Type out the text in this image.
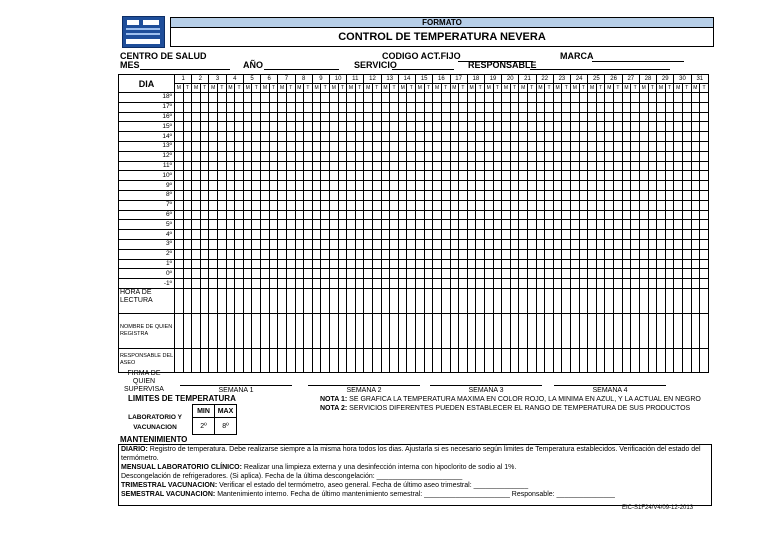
FORMATO
CONTROL DE TEMPERATURA NEVERA
CENTRO DE SALUD	CODIGO ACT.FIJO	MARCA
MES	AÑO	SERVICIO	RESPONSABLE
DIA	1		2		3		4		5		6		7		8		9		10		11		12		13		14		15		16		17		18		19		20		21		22		23		24		25		26		27		28		29		30		31	
	M	T	M	T	M	T	M	T	M	T	M	T	M	T	M	T	M	T	M	T	M	T	M	T	M	T	M	T	M	T	M	T	M	T	M	T	M	T	M	T	M	T	M	T	M	T	M	T	M	T	M	T	M	T	M	T	M	T	M	T	M	T
18º																																																														
17º																																																														
16º																																																														
15º																																																														
14º																																																														
13º																																																														
12º																																																														
11º																																																														
10º																																																														
9º																																																														
8º																																																														
7º																																																														
6º																																																														
5º																																																														
4º																																																														
3º																																																														
2º																																																														
1º																																																														
0º																																																														
-1º																																																														
HORA DE LECTURA																																																														
NOMBRE DE QUIEN REGISTRA																																																														
RESPONSABLE DEL ASEO																																																														
FIRMA DE QUIEN SUPERVISA	SEMANA 1	SEMANA 2	SEMANA 3	SEMANA 4
LIMITES DE TEMPERATURA
LABORATORIO Y VACUNACION
MIN	MAX
2º	8º
NOTA 1: SE GRAFICA LA TEMPERATURA MAXIMA EN COLOR ROJO, LA MINIMA EN AZUL, Y LA ACTUAL EN NEGRO
NOTA 2: SERVICIOS DIFERENTES PUEDEN ESTABLECER EL RANGO DE TEMPERATURA DE SUS PRODUCTOS
MANTENIMIENTO
DIARIO: Registro de temperatura. Debe realizarse siempre a la misma hora todos los dias. Ajustarla si es necesario según limites de Temperatura establecidos. Verificación del estado del termómetro.
MENSUAL LABORATORIO CLÍNICO: Realizar una limpieza externa y una desinfección interna con hipoclorito de sodio al 1%.
Descongelación de refrigeradores. (Si aplica). Fecha de la última descongelación: ______________________
TRIMESTRAL VACUNACION: Verificar el estado del termómetro, aseo general. Fecha de último aseo trimestral: ______________
SEMESTRAL VACUNACION: Mantenimiento interno. Fecha de último mantenimiento semestral: ______________________ Responsable: _______________
EIC-S1F24/V4/09-12-2013
